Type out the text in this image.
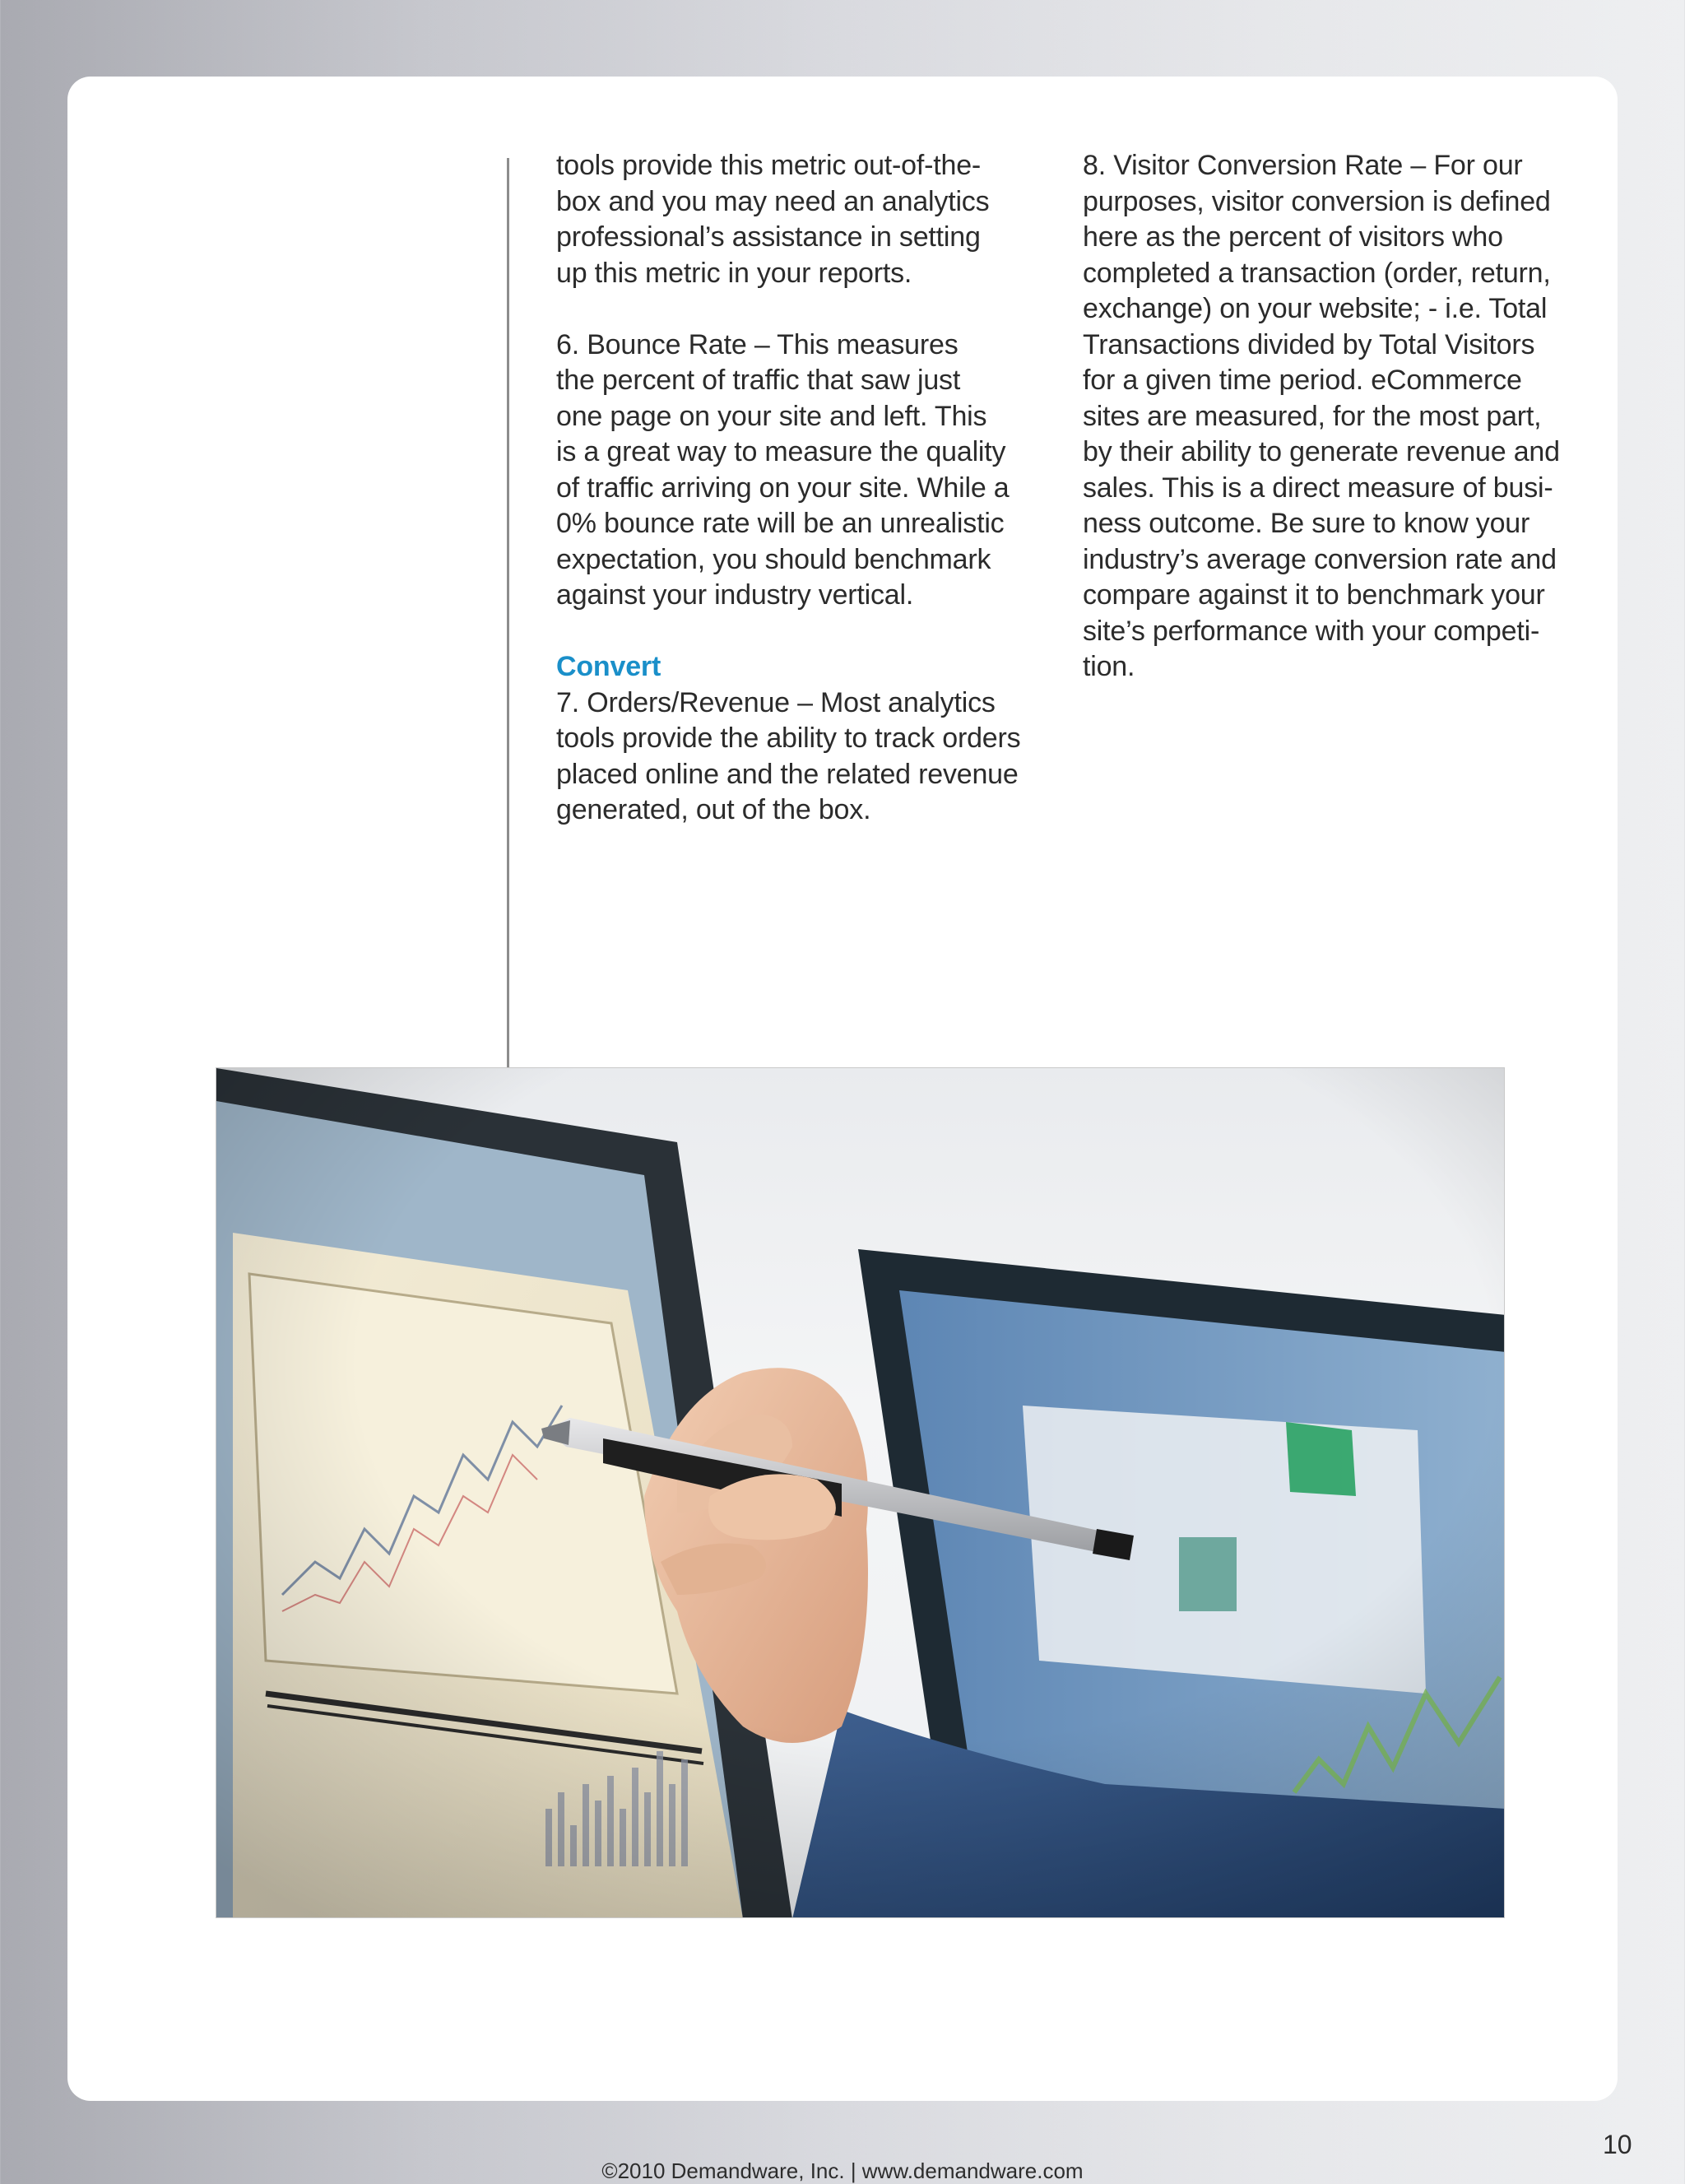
tools provide this metric out-of-the-
box and you may need an analytics
professional’s assistance in setting
up this metric in your reports.

6. Bounce Rate – This measures
the percent of traffic that saw just
one page on your site and left. This
is a great way to measure the quality
of traffic arriving on your site. While a
0% bounce rate will be an unrealistic
expectation, you should benchmark
against your industry vertical.

Convert

7. Orders/Revenue – Most analytics
tools provide the ability to track orders
placed online and the related revenue
generated, out of the box.

8. Visitor Conversion Rate – For our
purposes, visitor conversion is defined
here as the percent of visitors who
completed a transaction (order, return,
exchange) on your website; - i.e. Total
Transactions divided by Total Visitors
for a given time period. eCommerce
sites are measured, for the most part,
by their ability to generate revenue and
sales. This is a direct measure of busi-
ness outcome. Be sure to know your
industry’s average conversion rate and
compare against it to benchmark your
site’s performance with your competi-
tion.

©2010 Demandware, Inc. | www.demandware.com
10
